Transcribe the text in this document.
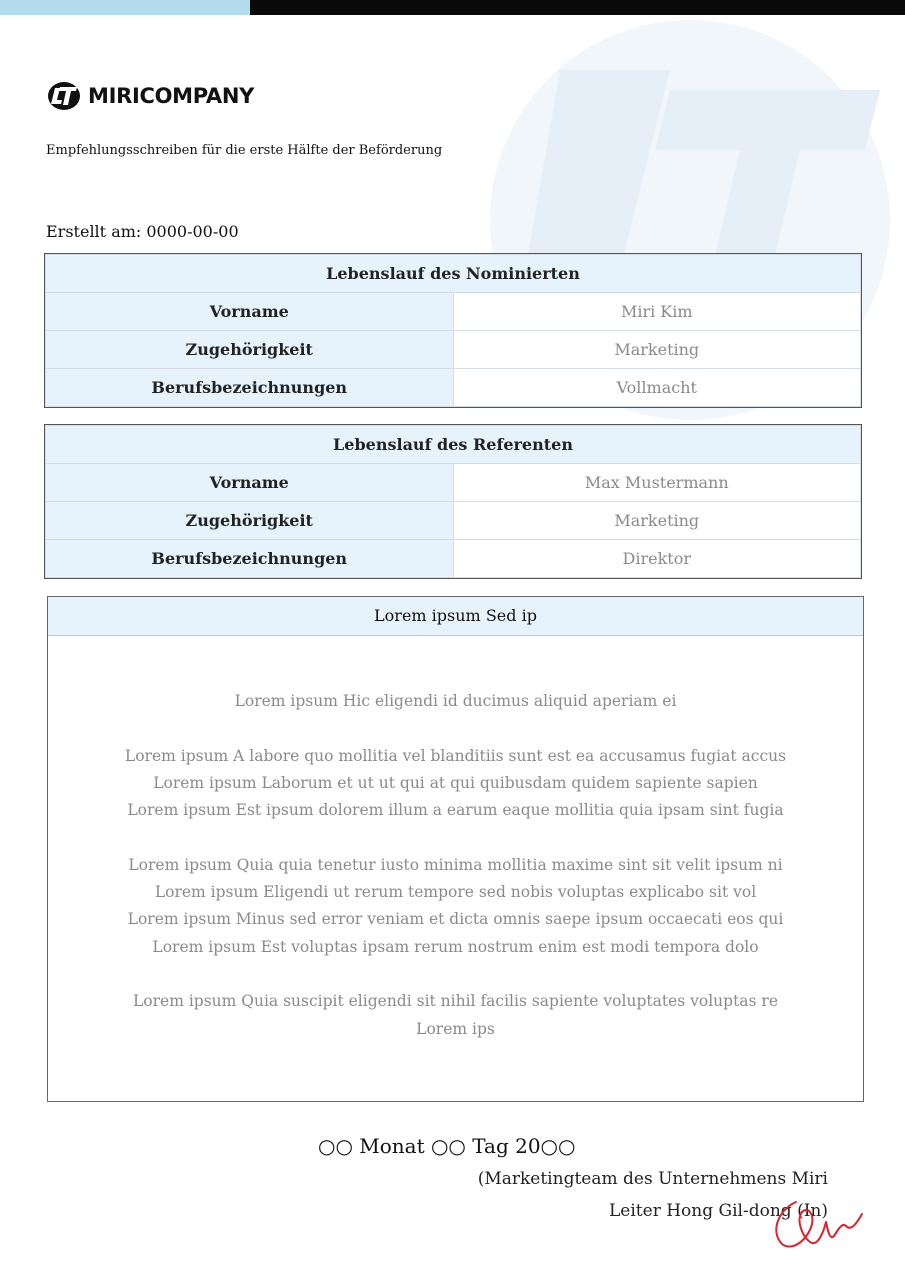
MIRICOMPANY
Empfehlungsschreiben für die erste Hälfte der Beförderung
Erstellt am: 0000-00-00
Lebenslauf des Nominierten	
Vorname	Miri Kim
Zugehörigkeit	Marketing
Berufsbezeichnungen	Vollmacht
Lebenslauf des Referenten	
Vorname	Max Mustermann
Zugehörigkeit	Marketing
Berufsbezeichnungen	Direktor
Lorem ipsum Sed ip
Lorem ipsum Hic eligendi id ducimus aliquid aperiam ei
Lorem ipsum A labore quo mollitia vel blanditiis sunt est ea accusamus fugiat accus
Lorem ipsum Laborum et ut ut qui at qui quibusdam quidem sapiente sapien
Lorem ipsum Est ipsum dolorem illum a earum eaque mollitia quia ipsam sint fugia
Lorem ipsum Quia quia tenetur iusto minima mollitia maxime sint sit velit ipsum ni
Lorem ipsum Eligendi ut rerum tempore sed nobis voluptas explicabo sit vol
Lorem ipsum Minus sed error veniam et dicta omnis saepe ipsum occaecati eos qui
Lorem ipsum Est voluptas ipsam rerum nostrum enim est modi tempora dolo
Lorem ipsum Quia suscipit eligendi sit nihil facilis sapiente voluptates voluptas re
Lorem ips
○○ Monat ○○ Tag 20○○
(Marketingteam des Unternehmens Miri
Leiter Hong Gil-dong (In)
